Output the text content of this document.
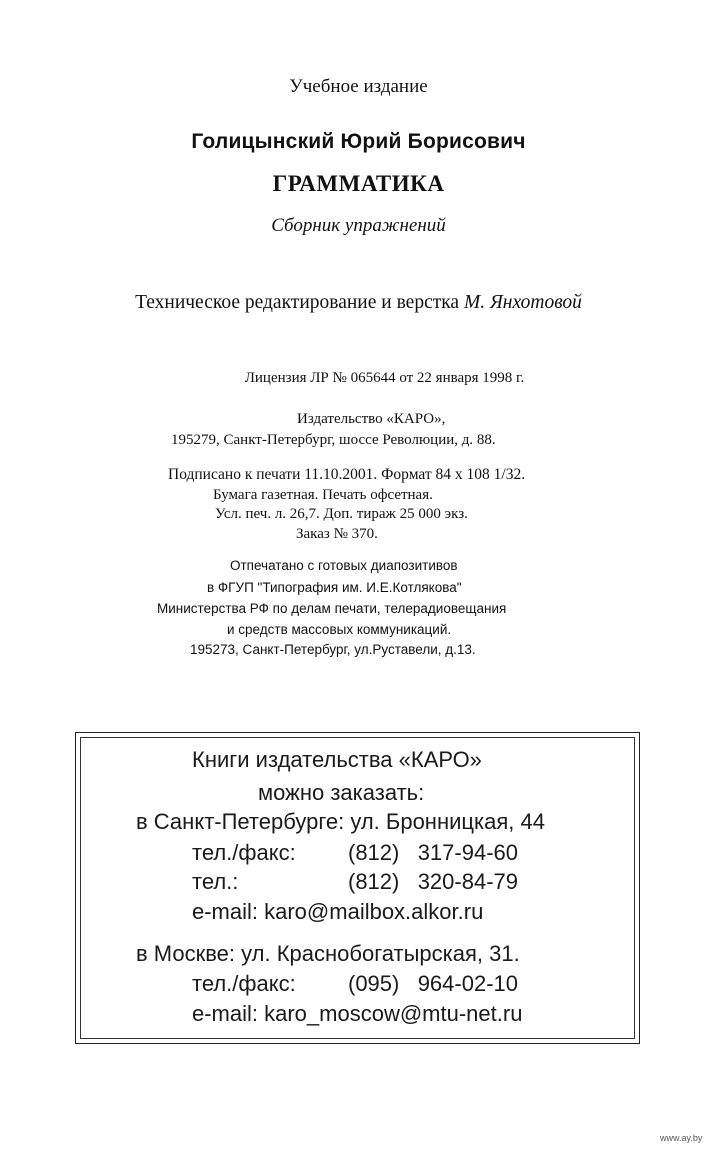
Учебное издание
Голицынский Юрий Борисович
ГРАММАТИКА
Сборник упражнений
Техническое редактирование и верстка М. Янхотовой
Лицензия ЛР № 065644 от 22 января 1998 г.
Издательство «КАРО»,
195279, Санкт-Петербург, шоссе Революции, д. 88.
Подписано к печати 11.10.2001. Формат 84 х 108 1/32.
Бумага газетная. Печать офсетная.
Усл. печ. л. 26,7. Доп. тираж 25 000 экз.
Заказ № 370.
Отпечатано с готовых диапозитивов
в ФГУП "Типография им. И.Е.Котлякова"
Министерства РФ по делам печати, телерадиовещания
и средств массовых коммуникаций.
195273, Санкт-Петербург, ул.Руставели, д.13.
Книги издательства «КАРО»
можно заказать:
в Санкт-Петербурге: ул. Бронницкая, 44
тел./факс: (812)   317-94-60
тел.:	(812)   320-84-79
e-mail: karo@mailbox.alkor.ru
в Москве: ул. Краснобогатырская, 31.
тел./факс: (095)   964-02-10
e-mail: karo_moscow@mtu-net.ru
www.ay.by
